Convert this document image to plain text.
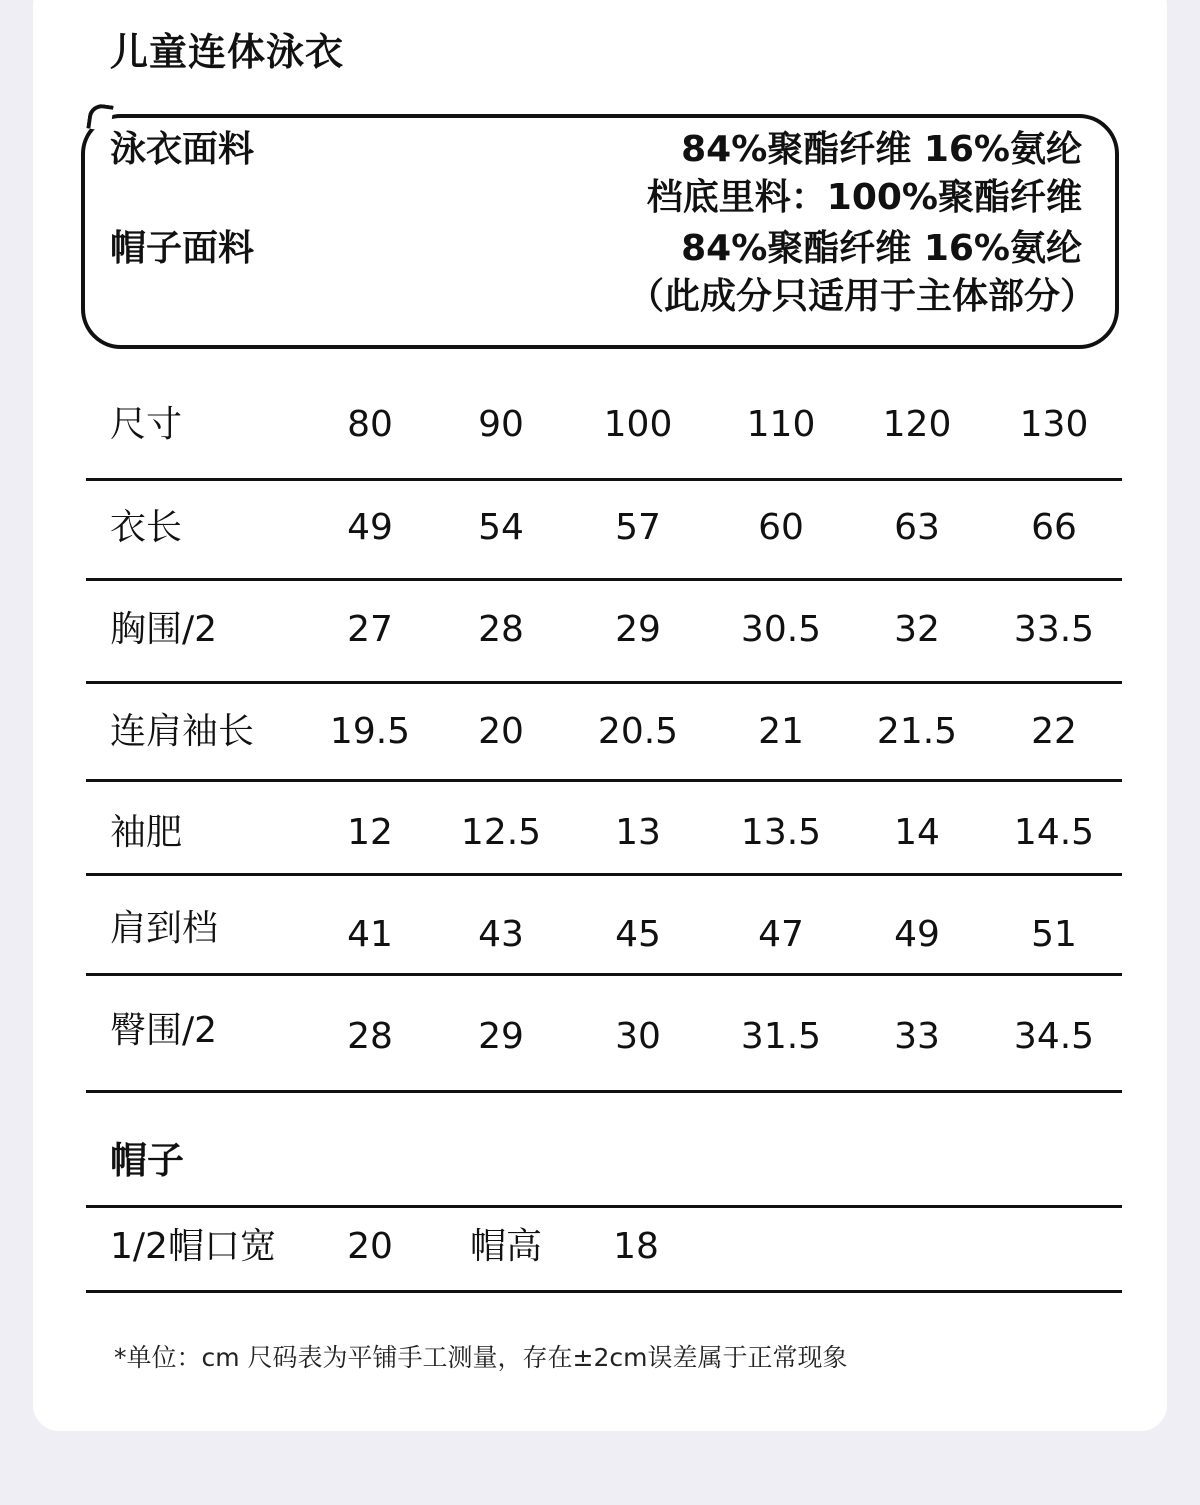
儿童连体泳衣
泳衣面料	84%聚酯纤维 16%氨纶
档底里料：100%聚酯纤维
帽子面料	84%聚酯纤维 16%氨纶
（此成分只适用于主体部分）
尺寸	80	90	100	110	120	130
衣长	49	54	57	60	63	66
胸围/2	27	28	29	30.5	32	33.5
连肩袖长	19.5	20	20.5	21	21.5	22
袖肥	12	12.5	13	13.5	14	14.5
肩到档	41	43	45	47	49	51
臀围/2	28	29	30	31.5	33	34.5
帽子
1/2帽口宽	20	帽高	18
*单位：cm 尺码表为平铺手工测量，存在±2cm误差属于正常现象
